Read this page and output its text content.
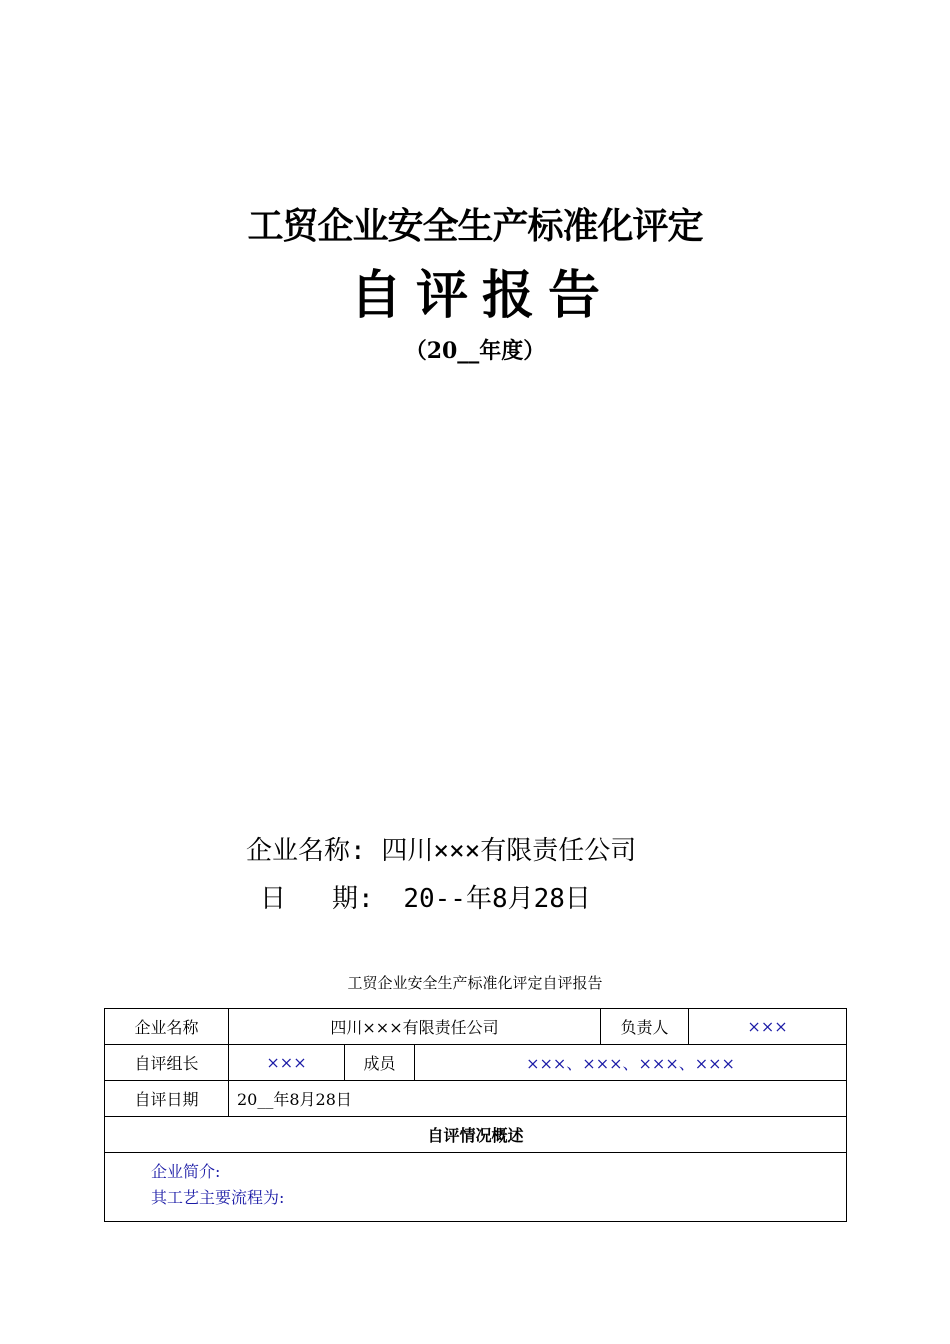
工贸企业安全生产标准化评定
自评报告
（20__年度）
企业名称: 四川×××有限责任公司
日 期: 20--年8月28日
工贸企业安全生产标准化评定自评报告
企业名称	四川×××有限责任公司			负责人	×××
自评组长	×××	成员	×××、×××、×××、×××		
自评日期	20__年8月28日				
自评情况概述					

企业简介:
其工艺主要流程为:					
